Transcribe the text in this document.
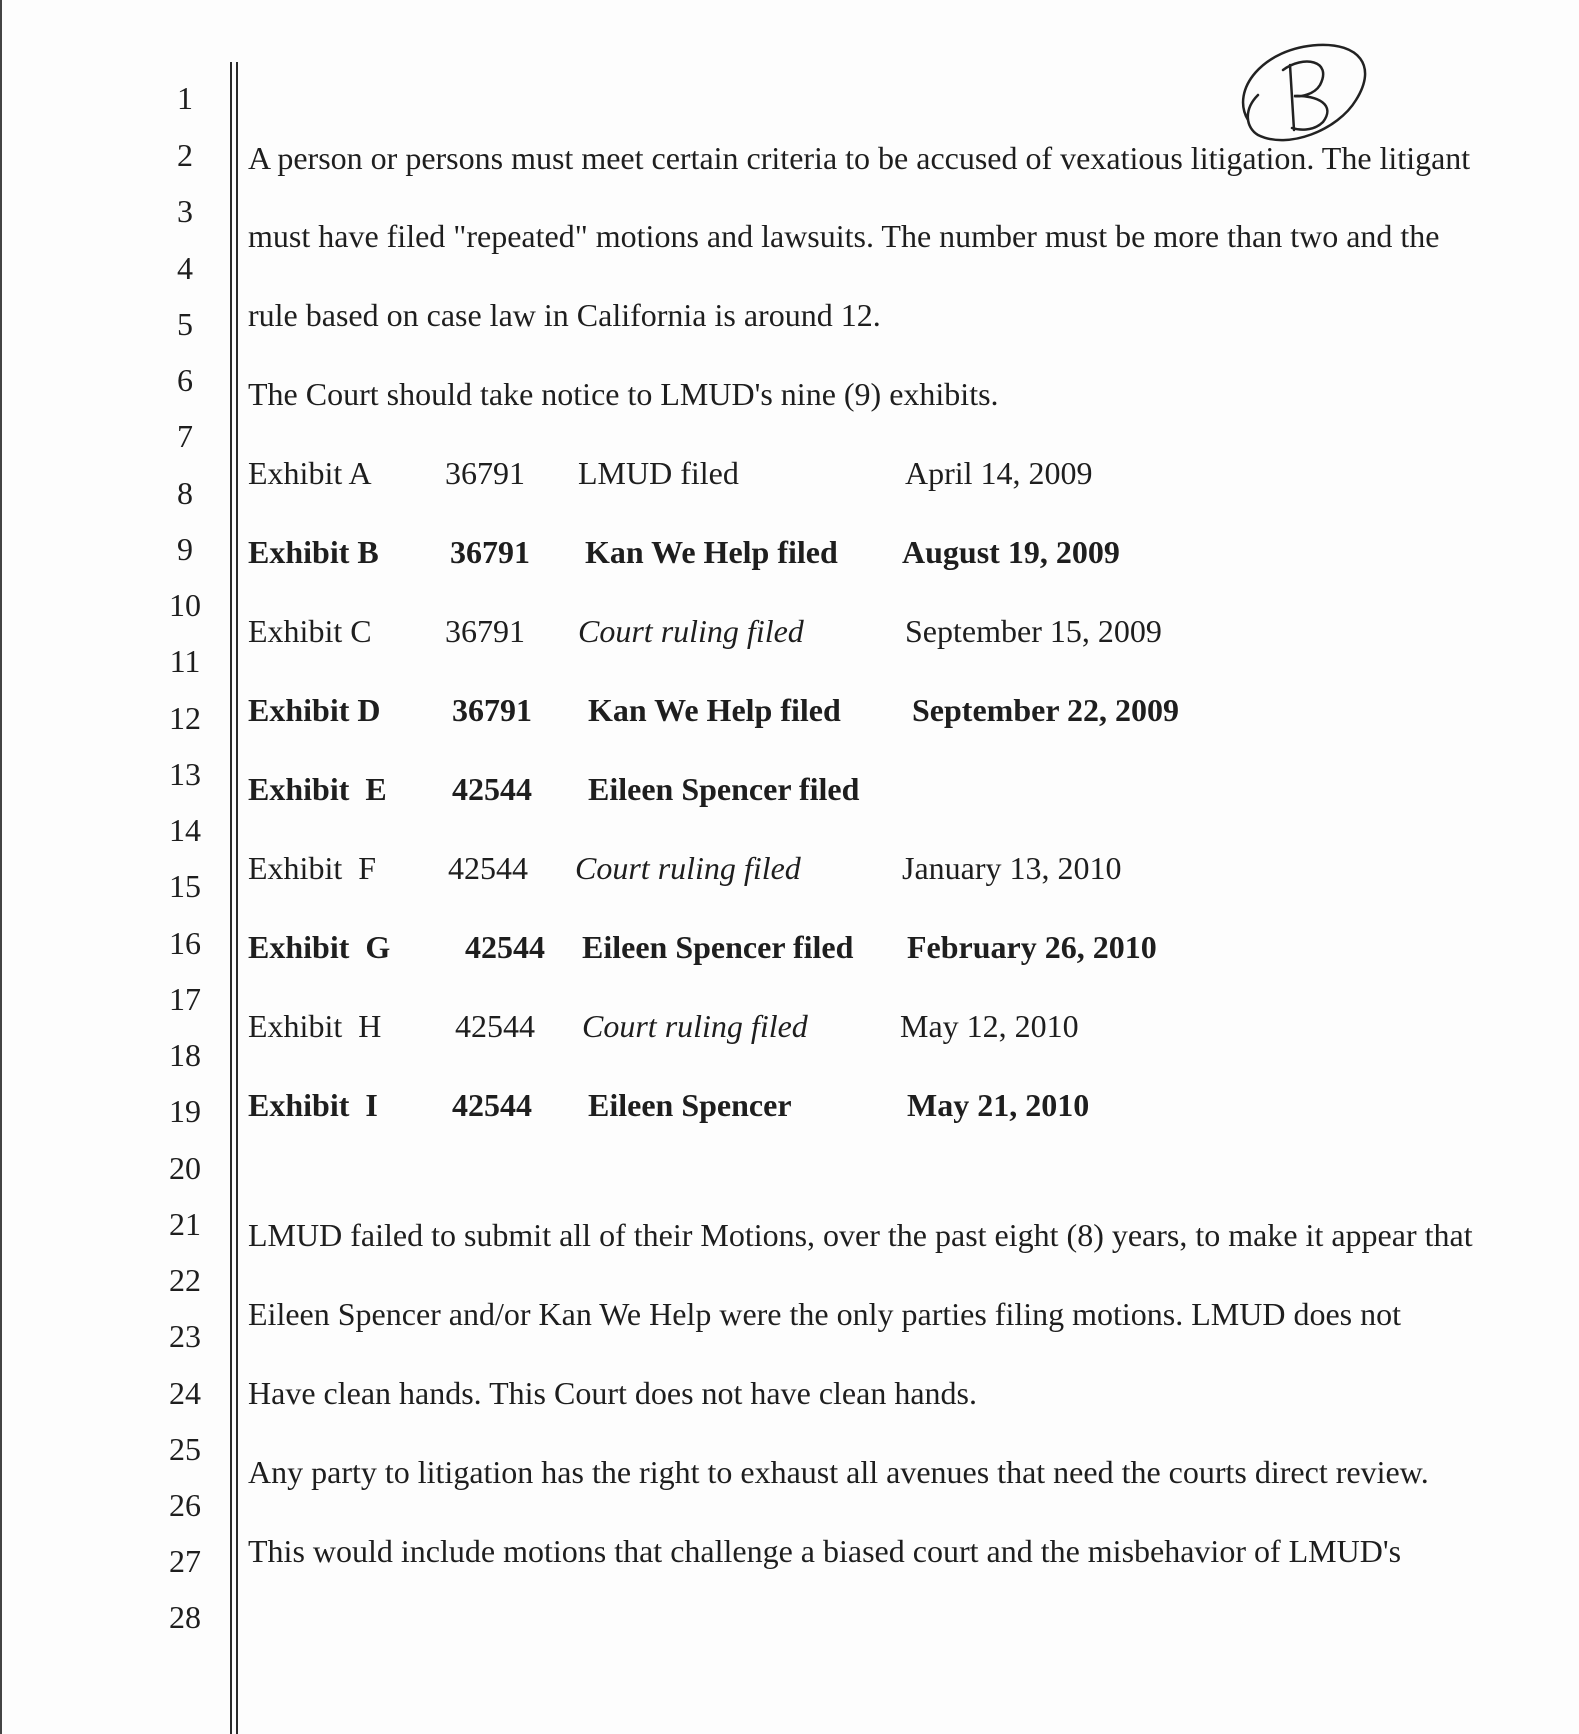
1
2
3
4
5
6
7
8
9
10
11
12
13
14
15
16
17
18
19
20
21
22
23
24
25
26
27
28
B
A person or persons must meet certain criteria to be accused of vexatious litigation. The litigant
must have filed "repeated" motions and lawsuits. The number must be more than two and the
rule based on case law in California is around 12.
The Court should take notice to LMUD's nine (9) exhibits.
Exhibit A 36791 LMUD filed	April 14, 2009
Exhibit B 36791 Kan We Help filed August 19, 2009
Exhibit C 36791 Court ruling filed	September 15, 2009
Exhibit D 36791 Kan We Help filed September 22, 2009
Exhibit  E 42544 Eileen Spencer filed
Exhibit  F 42544 Court ruling filed	January 13, 2010
Exhibit  G 42544 Eileen Spencer filed February 26, 2010
Exhibit  H 42544 Court ruling filed	May 12, 2010
Exhibit  I 42544 Eileen Spencer	May 21, 2010
LMUD failed to submit all of their Motions, over the past eight (8) years, to make it appear that
Eileen Spencer and/or Kan We Help were the only parties filing motions. LMUD does not
Have clean hands. This Court does not have clean hands.
Any party to litigation has the right to exhaust all avenues that need the courts direct review.
This would include motions that challenge a biased court and the misbehavior of LMUD's
